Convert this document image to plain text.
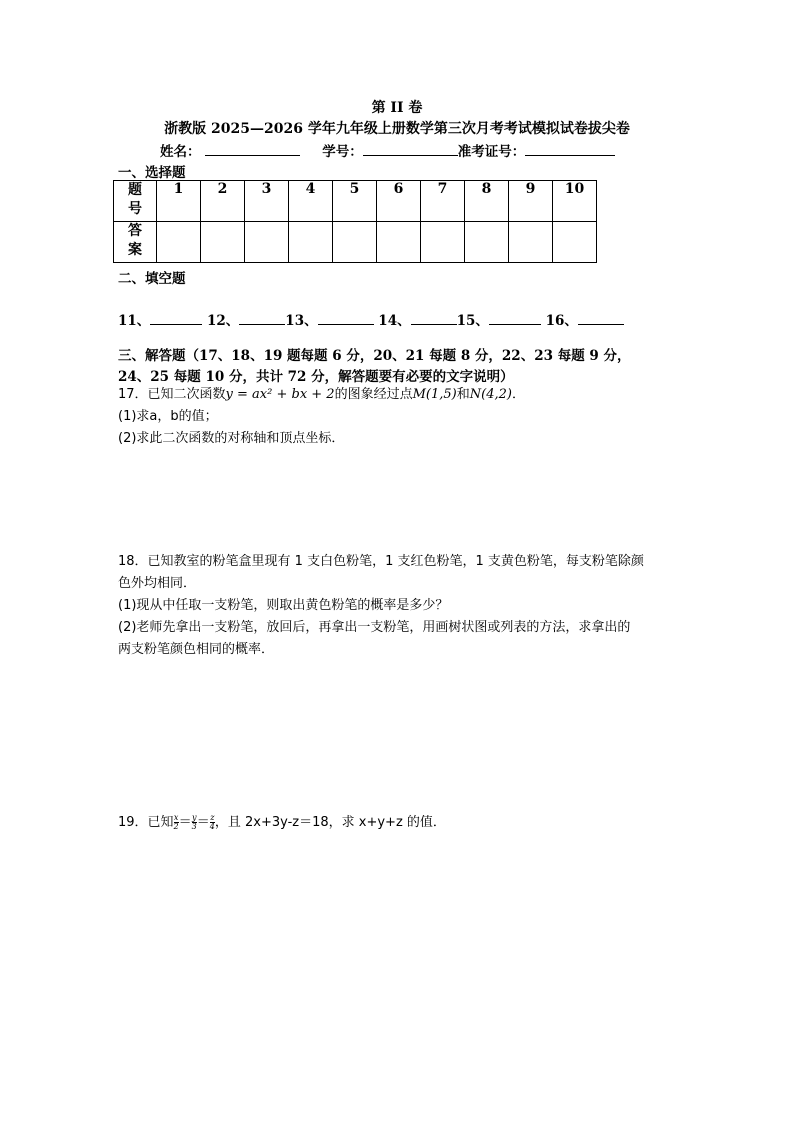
第 II 卷
浙教版 2025—2026 学年九年级上册数学第三次月考考试模拟试卷拔尖卷
姓名：	学号：	准考证号：
一、选择题
题
号	1	2	3	4	5	6	7	8	9	10

答
案										

二、填空题
11、	12、	13、	14、	15、	16、
三、解答题（17、18、19 题每题 6 分，20、21 每题 8 分，22、23 每题 9 分，
24、25 每题 10 分，共计 72 分，解答题要有必要的文字说明）
17．已知二次函数y = ax² + bx + 2的图象经过点M(1,5)和N(4,2)．
(1)求a，b的值；
(2)求此二次函数的对称轴和顶点坐标．
18．已知教室的粉笔盒里现有 1 支白色粉笔，1 支红色粉笔，1 支黄色粉笔，每支粉笔除颜
色外均相同．
(1)现从中任取一支粉笔，则取出黄色粉笔的概率是多少？
(2)老师先拿出一支粉笔，放回后，再拿出一支粉笔，用画树状图或列表的方法，求拿出的
两支粉笔颜色相同的概率．
19．已知 $\frac{x}{2} = \frac{y}{3} = \frac{z}{4}$ ，且 2x+3y-z＝18，求 x+y+z 的值．
